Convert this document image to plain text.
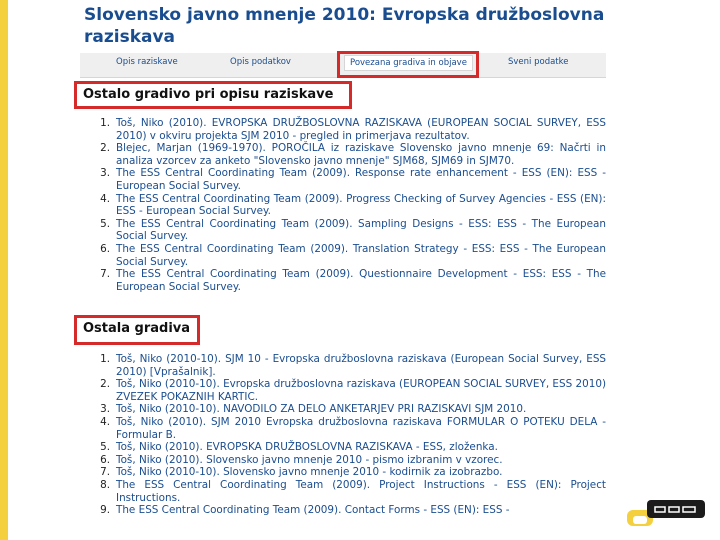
Slovensko javno mnenje 2010: Evropska družboslovna raziskava
Opis raziskave	Opis podatkov	Povezana gradiva in objave	Sveni podatke
Ostalo gradivo pri opisu raziskave
1. Toš, Niko (2010). EVROPSKA DRUŽBOSLOVNA RAZISKAVA (EUROPEAN SOCIAL SURVEY, ESS 2010) v okviru projekta SJM 2010 - pregled in primerjava rezultatov.
2. Blejec, Marjan (1969-1970). POROČILA iz raziskave Slovensko javno mnenje 69: Načrti in analiza vzorcev za anketo "Slovensko javno mnenje" SJM68, SJM69 in SJM70.
3. The ESS Central Coordinating Team (2009). Response rate enhancement - ESS (EN): ESS - European Social Survey.
4. The ESS Central Coordinating Team (2009). Progress Checking of Survey Agencies - ESS (EN): ESS - European Social Survey.
5. The ESS Central Coordinating Team (2009). Sampling Designs - ESS: ESS - The European Social Survey.
6. The ESS Central Coordinating Team (2009). Translation Strategy - ESS: ESS - The European Social Survey.
7. The ESS Central Coordinating Team (2009). Questionnaire Development - ESS: ESS - The European Social Survey.
Ostala gradiva
1. Toš, Niko (2010-10). SJM 10 - Evropska družboslovna raziskava (European Social Survey, ESS 2010) [Vprašalnik].
2. Toš, Niko (2010-10). Evropska družboslovna raziskava (EUROPEAN SOCIAL SURVEY, ESS 2010) ZVEZEK POKAZNIH KARTIC.
3. Toš, Niko (2010-10). NAVODILO ZA DELO ANKETARJEV PRI RAZISKAVI SJM 2010.
4. Toš, Niko (2010). SJM 2010 Evropska družboslovna raziskava FORMULAR O POTEKU DELA - Formular B.
5. Toš, Niko (2010). EVROPSKA DRUŽBOSLOVNA RAZISKAVA - ESS, zloženka.
6. Toš, Niko (2010). Slovensko javno mnenje 2010 - pismo izbranim v vzorec.
7. Toš, Niko (2010-10). Slovensko javno mnenje 2010 - kodirnik za izobrazbo.
8. The ESS Central Coordinating Team (2009). Project Instructions - ESS (EN): Project Instructions.
9. The ESS Central Coordinating Team (2009). Contact Forms - ESS (EN): ESS -
